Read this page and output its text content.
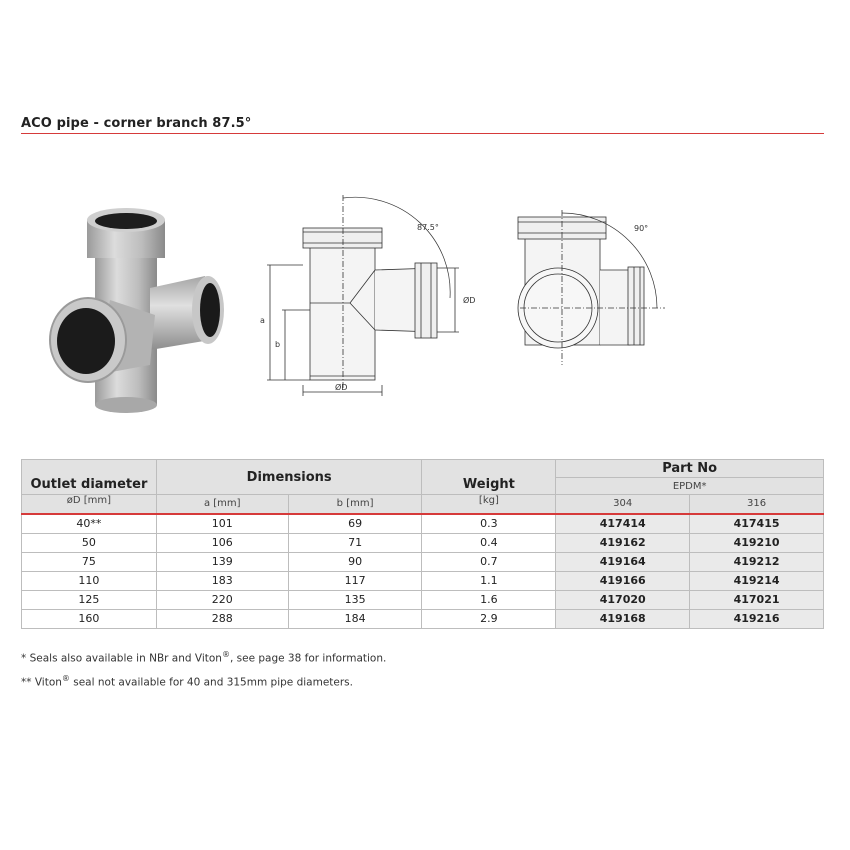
ACO pipe - corner branch 87.5°
87.5°
a
b
ØD
ØD
90°
Outlet diameter	Dimensions		Weight	Part No	
				EPDM*	
øD [mm]	a [mm]	b [mm]	[kg]	304	316
40**	101	69	0.3	417414	417415
50	106	71	0.4	419162	419210
75	139	90	0.7	419164	419212
110	183	117	1.1	419166	419214
125	220	135	1.6	417020	417021
160	288	184	2.9	419168	419216
* Seals also available in NBr and Viton®, see page 38 for information.
** Viton® seal not available for 40 and 315mm pipe diameters.
